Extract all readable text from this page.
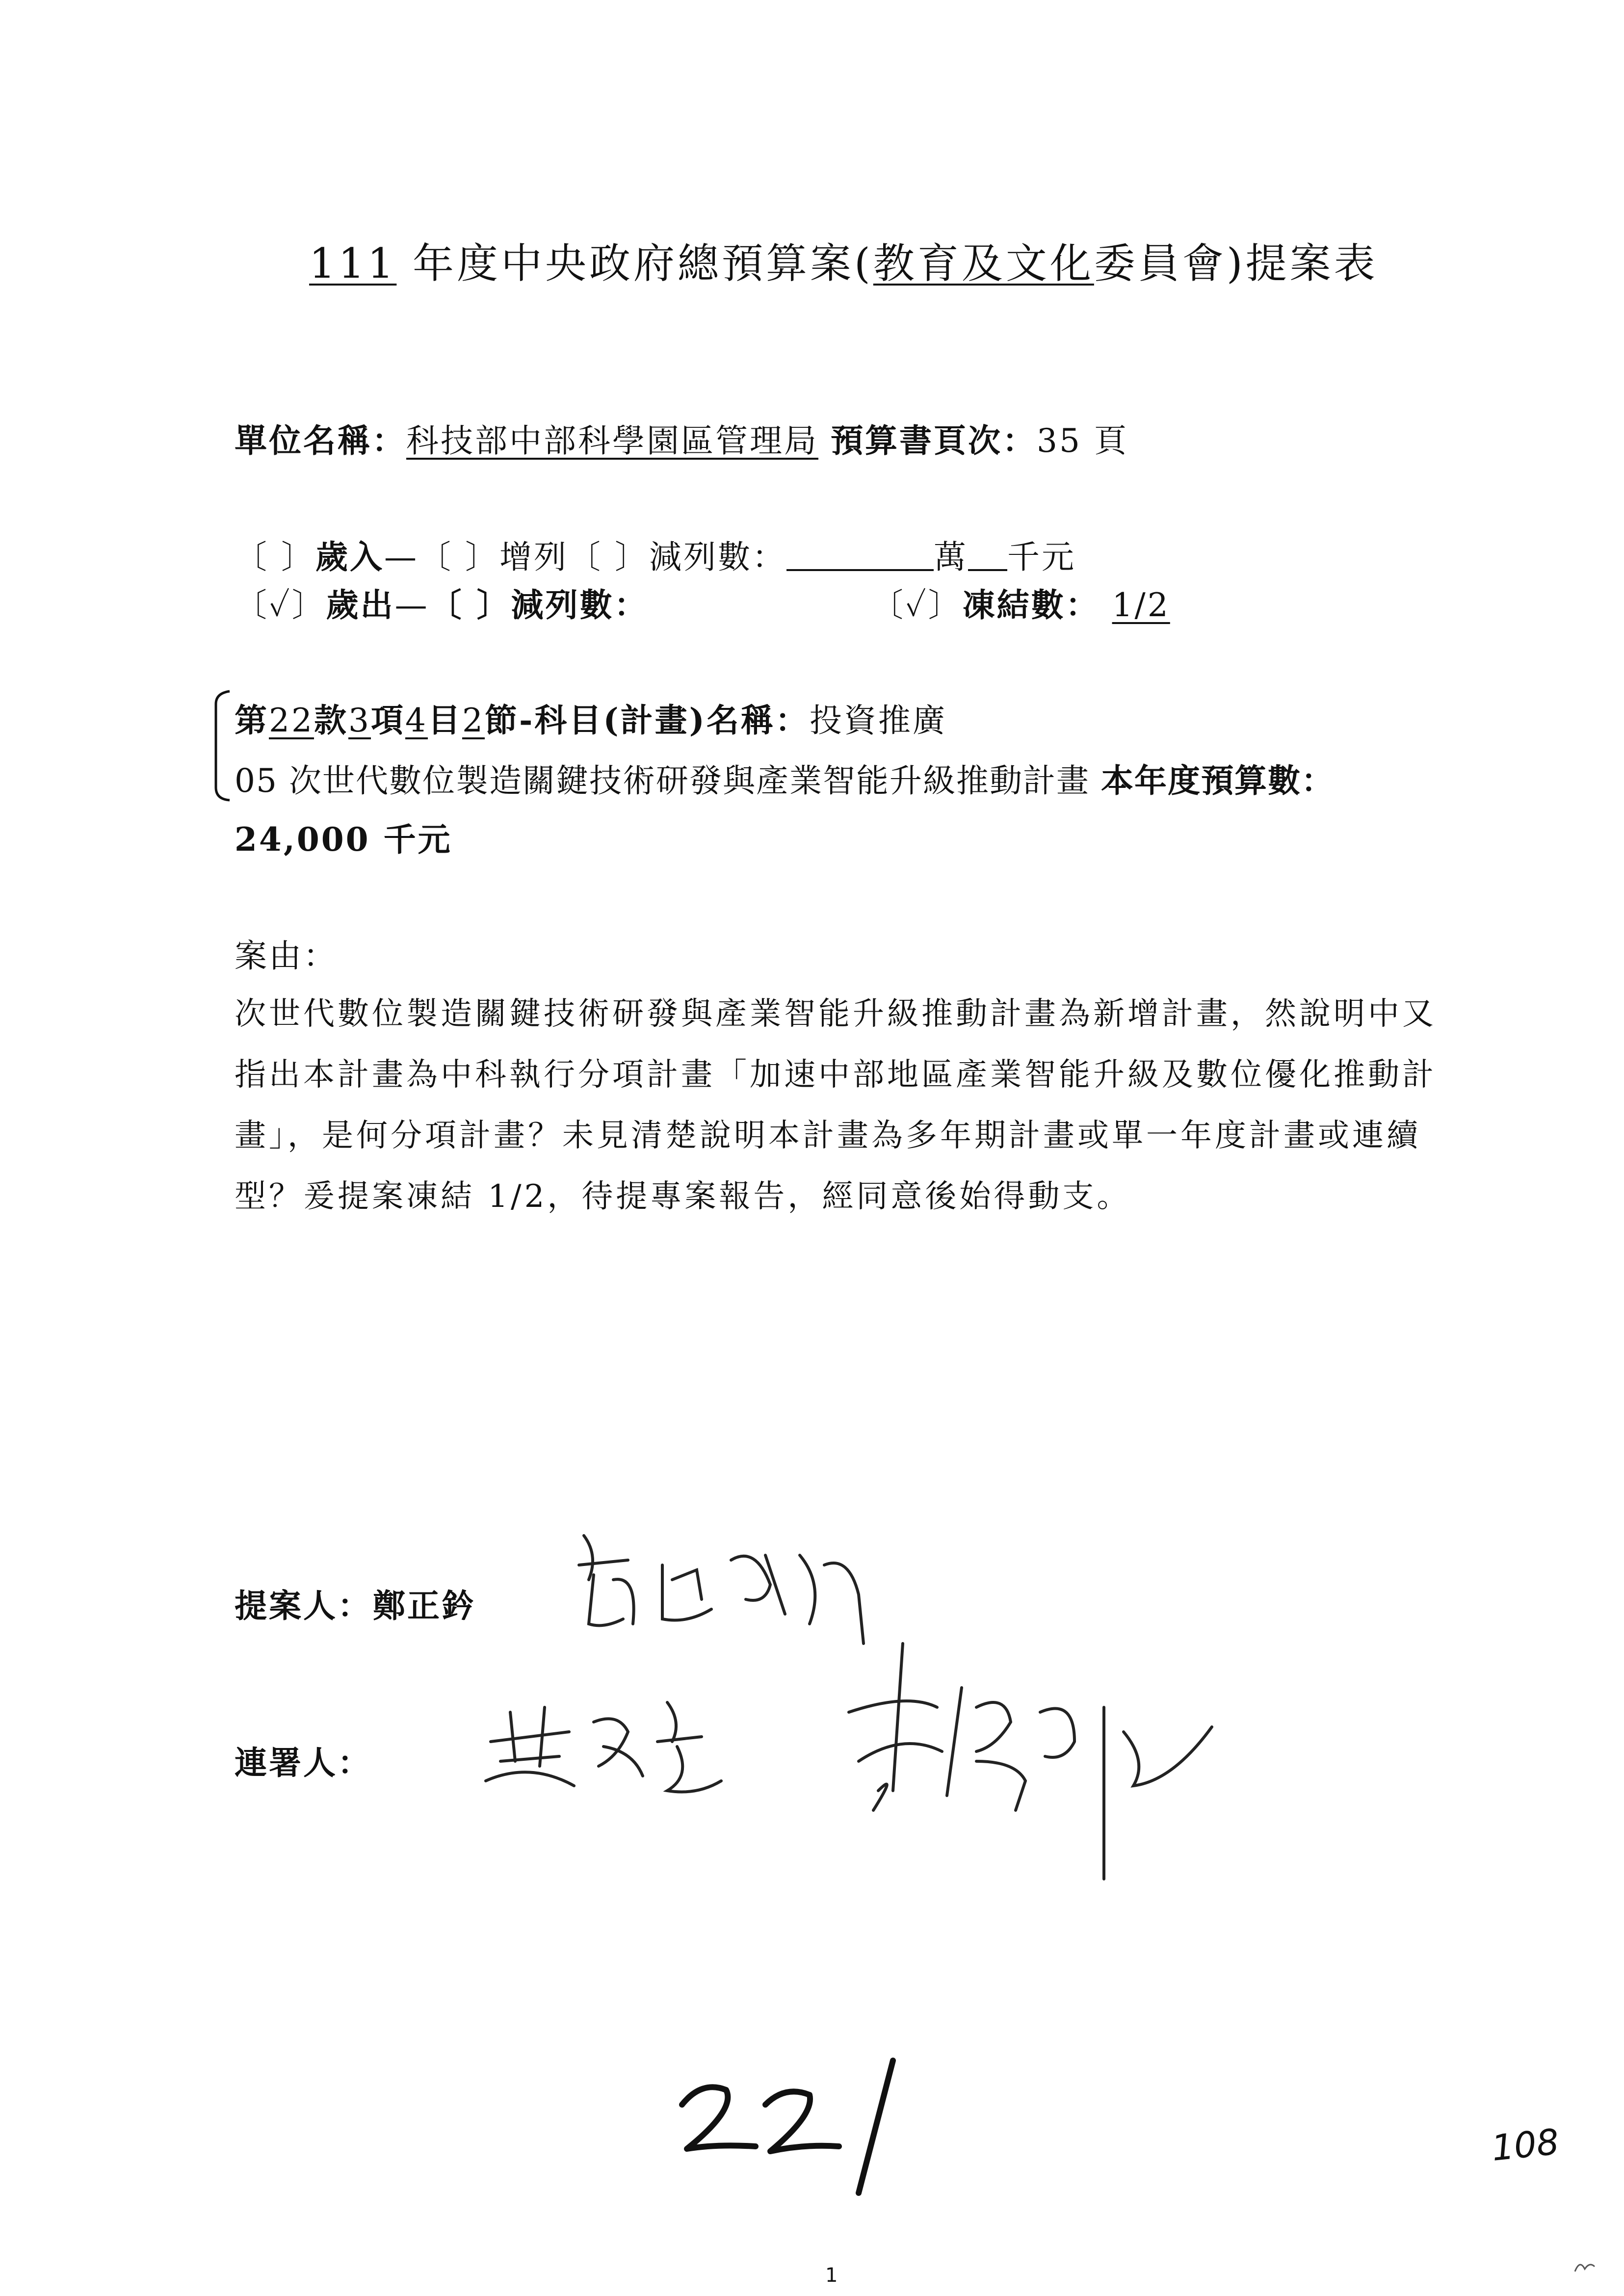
111 年度中央政府總預算案(教育及文化委員會)提案表
單位名稱：科技部中部科學園區管理局 預算書頁次：35 頁
〔 〕歲入—〔 〕增列〔 〕減列數：	萬 千元
〔✓〕歲出—〔 〕減列數：	〔✓〕凍結數： 1/2
第22款3項4目2節-科目(計畫)名稱：投資推廣
05 次世代數位製造關鍵技術研發與產業智能升級推動計畫 本年度預算數：
24,000 千元
案由：
次世代數位製造關鍵技術研發與產業智能升級推動計畫為新增計畫，然說明中又指出本計畫為中科執行分項計畫「加速中部地區產業智能升級及數位優化推動計畫」，是何分項計畫？未見清楚說明本計畫為多年期計畫或單一年度計畫或連續型？爰提案凍結 1/2，待提專案報告，經同意後始得動支。
提案人： 鄭正鈐
連署人：
1
108
